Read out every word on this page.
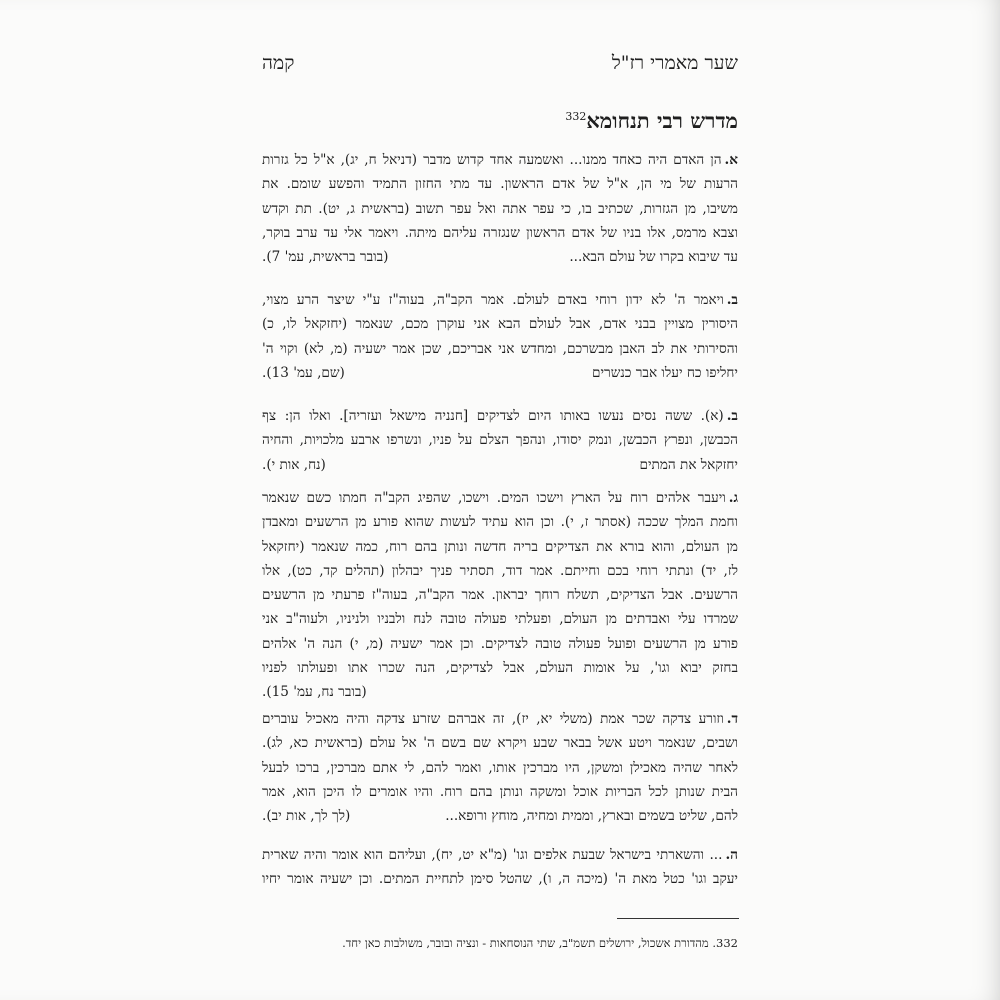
שער מאמרי רז"ל
קמה
מדרש רבי תנחומא$^{332}$
א.הן האדם היה כאחד ממנו... ואשמעה אחד קדוש מדבר (דניאל ח, יג), א"ל כל גזרות
הרעות של מי הן, א"ל של אדם הראשון. עד מתי החזון התמיד והפשע שומם. את
משיבו, מן הגזרות, שכתיב בו, כי עפר אתה ואל עפר תשוב (בראשית ג, יט). תת וקדש
וצבא מרמס, אלו בניו של אדם הראשון שנגזרה עליהם מיתה. ויאמר אלי עד ערב בוקר,
עד שיבוא בקרו של עולם הבא...
(בובר בראשית, עמ' 7).
ב.ויאמר ה' לא ידון רוחי באדם לעולם. אמר הקב"ה, בעוה"ז ע"י שיצר הרע מצוי,
היסורין מצויין בבני אדם, אבל לעולם הבא אני עוקרן מכם, שנאמר (יחזקאל לו, כ)
והסירותי את לב האבן מבשרכם, ומחדש אני אבריכם, שכן אמר ישעיה (מ, לא) וקוי ה'
יחליפו כח יעלו אבר כנשרים
(שם, עמ' 13).
ב.(א). ששה נסים נעשו באותו היום לצדיקים [חנניה מישאל ועזריה]. ואלו הן: צף
הכבשן, ונפרץ הכבשן, ונמק יסודו, ונהפך הצלם על פניו, ונשרפו ארבע מלכויות, והחיה
יחזקאל את המתים
(נח, אות י).
ג.ויעבר אלהים רוח על הארץ וישכו המים. וישכו, שהפיג הקב"ה חמתו כשם שנאמר
וחמת המלך שככה (אסתר ז, י). וכן הוא עתיד לעשות שהוא פורע מן הרשעים ומאבדן
מן העולם, והוא בורא את הצדיקים בריה חדשה ונותן בהם רוח, כמה שנאמר (יחזקאל
לז, יד) ונתתי רוחי בכם וחייתם. אמר דוד, תסתיר פניך יבהלון (תהלים קד, כט), אלו
הרשעים. אבל הצדיקים, תשלח רוחך יבראון. אמר הקב"ה, בעוה"ז פרעתי מן הרשעים
שמרדו עלי ואבדתים מן העולם, ופעלתי פעולה טובה לנח ולבניו ולניניו, ולעוה"ב אני
פורע מן הרשעים ופועל פעולה טובה לצדיקים. וכן אמר ישעיה (מ, י) הנה ה' אלהים
בחזק יבוא וגו', על אומות העולם, אבל לצדיקים, הנה שכרו אתו ופעולתו לפניו
(בובר נח, עמ' 15).
ד.וזורע צדקה שכר אמת (משלי יא, יז), זה אברהם שזרע צדקה והיה מאכיל עוברים
ושבים, שנאמר ויטע אשל בבאר שבע ויקרא שם בשם ה' אל עולם (בראשית כא, לג).
לאחר שהיה מאכילן ומשקן, היו מברכין אותו, ואמר להם, לי אתם מברכין, ברכו לבעל
הבית שנותן לכל הבריות אוכל ומשקה ונותן בהם רוח. והיו אומרים לו היכן הוא, אמר
להם, שליט בשמים ובארץ, וממית ומחיה, מוחץ ורופא...
(לך לך, אות יב).
ה.... והשארתי בישראל שבעת אלפים וגו' (מ"א יט, יח), ועליהם הוא אומר והיה שארית
יעקב וגו' כטל מאת ה' (מיכה ה, ו), שהטל סימן לתחיית המתים. וכן ישעיה אומר יחיו
332. מהדורת אשכול, ירושלים תשמ"ב, שתי הנוסחאות - ונציה ובובר, משולבות כאן יחד.
